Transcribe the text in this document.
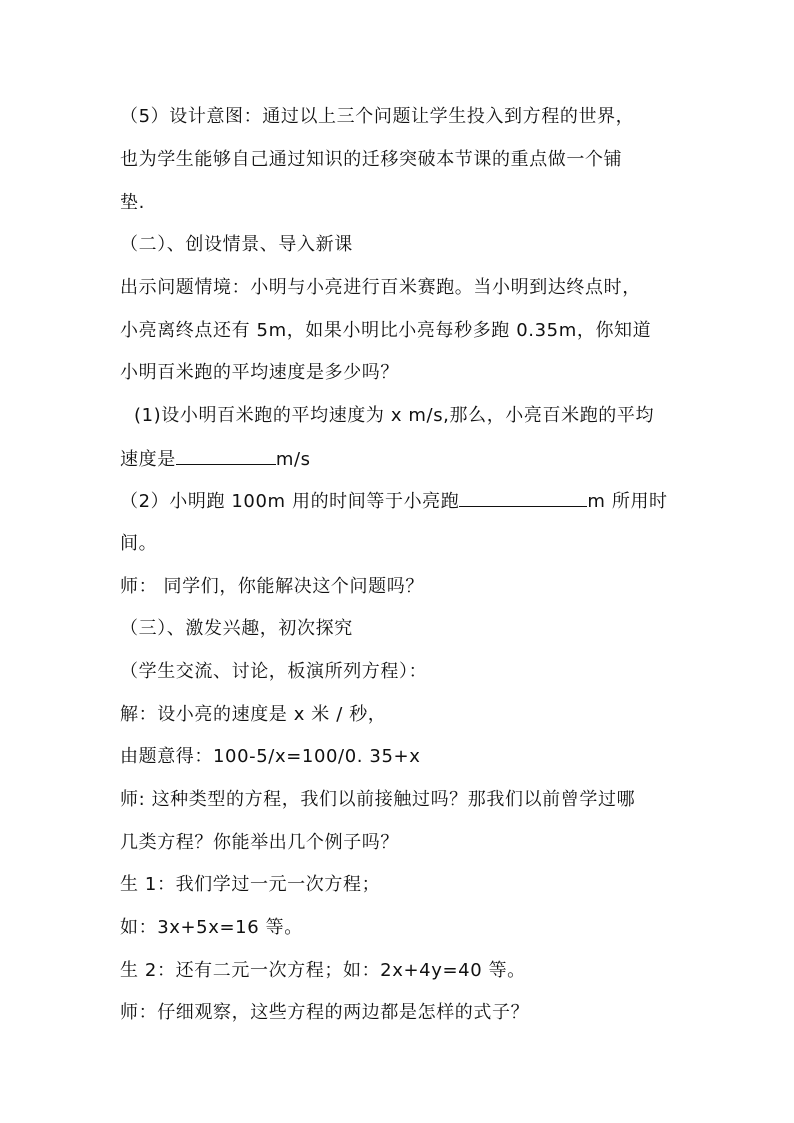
（5）设计意图：通过以上三个问题让学生投入到方程的世界，
也为学生能够自己通过知识的迁移突破本节课的重点做一个铺
垫.
（二）、创设情景、导入新课
出示问题情境：小明与小亮进行百米赛跑。当小明到达终点时，
小亮离终点还有 5m，如果小明比小亮每秒多跑 0.35m，你知道
小明百米跑的平均速度是多少吗？
(1)设小明百米跑的平均速度为 x m/s,那么，小亮百米跑的平均
速度是	m/s
（2）小明跑 100m 用的时间等于小亮跑	m 所用时
间。
师： 同学们，你能解决这个问题吗？
（三）、激发兴趣，初次探究
（学生交流、讨论，板演所列方程）：
解：设小亮的速度是 x 米 / 秒，
由题意得：100-5/x=100/0. 35+x
师: 这种类型的方程，我们以前接触过吗？那我们以前曾学过哪
几类方程？你能举出几个例子吗？
生 1：我们学过一元一次方程；
如：3x+5x=16 等。
生 2：还有二元一次方程；如：2x+4y=40 等。
师：仔细观察，这些方程的两边都是怎样的式子？
